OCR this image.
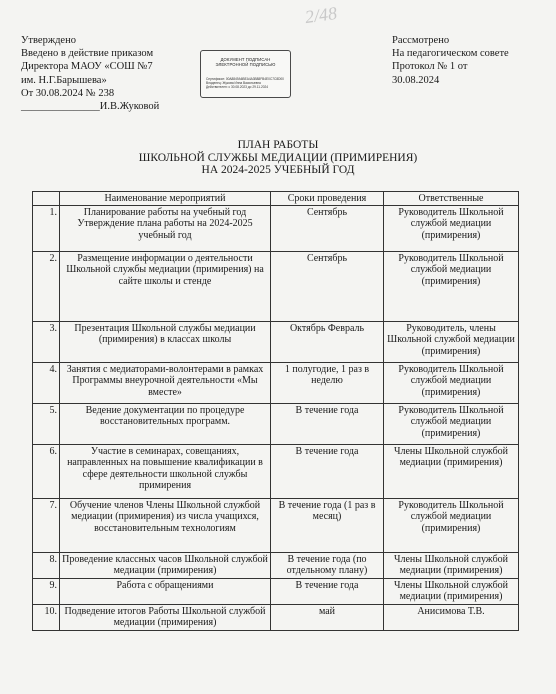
2/48
Утверждено
Введено в действие приказом
Директора МАОУ «СОШ №7
им. Н.Г.Барышева»
От 30.08.2024 № 238
_______________И.В.Жуковой
ДОКУМЕНТ ПОДПИСАН
ЭЛЕКТРОННОЙ ПОДПИСЬЮ
Сертификат: 00A8849A6BEA4A3B88FB4E0C7C8D00
Владелец: Жукова Инна Васильевна
Действителен: с 30.08.2023 до 29.11.2024
Рассмотрено
На педагогическом совете
Протокол № 1 от
30.08.2024
ПЛАН РАБОТЫ
ШКОЛЬНОЙ СЛУЖБЫ МЕДИАЦИИ (ПРИМИРЕНИЯ)
НА 2024-2025 УЧЕБНЫЙ ГОД
	Наименование мероприятий	Сроки проведения	Ответственные
1.	Планирование работы на учебный год Утверждение плана работы на 2024-2025 учебный год	Сентябрь	Руководитель Школьной службой медиации (примирения)
2.	Размещение информации о деятельности Школьной службы медиации (примирения) на сайте школы и стенде	Сентябрь	Руководитель Школьной службой медиации (примирения)
3.	Презентация Школьной службы медиации (примирения) в классах школы	Октябрь Февраль	Руководитель, члены Школьной службой медиации (примирения)
4.	Занятия с медиаторами-волонтерами в рамках Программы внеурочной деятельности «Мы вместе»	1 полугодие, 1 раз в неделю	Руководитель Школьной службой медиации (примирения)
5.	Ведение документации по процедуре восстановительных программ.	В течение года	Руководитель Школьной службой медиации (примирения)
6.	Участие в семинарах, совещаниях, направленных на повышение квалификации в сфере деятельности школьной службы примирения	В течение года	Члены Школьной службой медиации (примирения)
7.	Обучение членов Члены Школьной службой медиации (примирения) из числа учащихся, восстановительным технологиям	В течение года (1 раз в месяц)	Руководитель Школьной службой медиации (примирения)
8.	Проведение классных часов Школьной службой медиации (примирения)	В течение года (по отдельному плану)	Члены Школьной службой медиации (примирения)
9.	Работа с обращениями	В течение года	Члены Школьной службой медиации (примирения)
10.	Подведение итогов Работы Школьной службой медиации (примирения)	май	Анисимова Т.В.
